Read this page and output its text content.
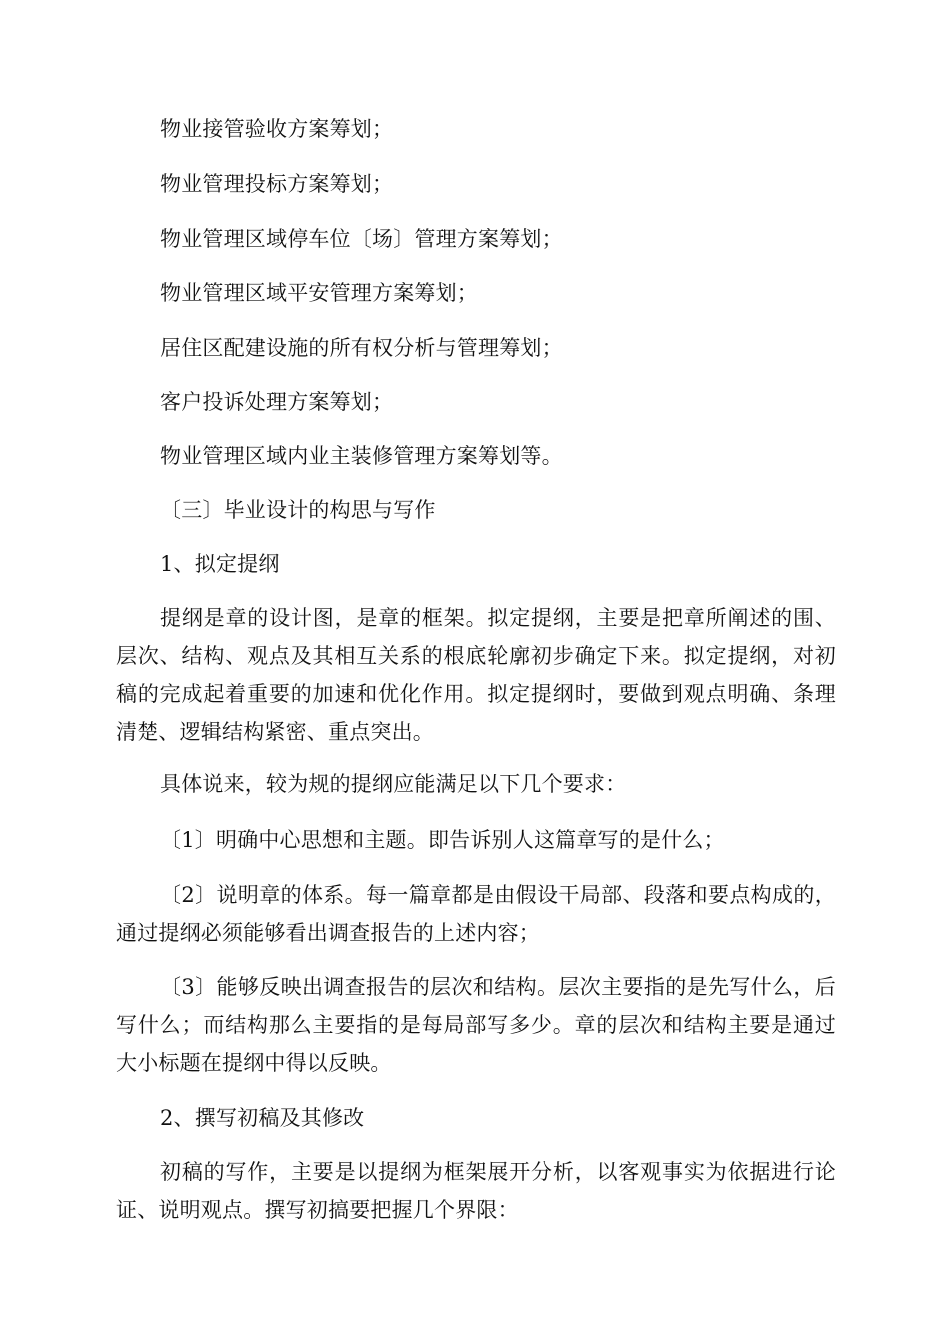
物业接管验收方案筹划；

物业管理投标方案筹划；

物业管理区域停车位〔场〕管理方案筹划；

物业管理区域平安管理方案筹划；

居住区配建设施的所有权分析与管理筹划；

客户投诉处理方案筹划；

物业管理区域内业主装修管理方案筹划等。

〔三〕毕业设计的构思与写作

1、拟定提纲

提纲是章的设计图，是章的框架。拟定提纲，主要是把章所阐述的围、层次、结构、观点及其相互关系的根底轮廓初步确定下来。拟定提纲，对初稿的完成起着重要的加速和优化作用。拟定提纲时，要做到观点明确、条理清楚、逻辑结构紧密、重点突出。

具体说来，较为规的提纲应能满足以下几个要求：

〔1〕明确中心思想和主题。即告诉别人这篇章写的是什么；

〔2〕说明章的体系。每一篇章都是由假设干局部、段落和要点构成的，通过提纲必须能够看出调查报告的上述内容；

〔3〕能够反映出调查报告的层次和结构。层次主要指的是先写什么，后写什么；而结构那么主要指的是每局部写多少。章的层次和结构主要是通过大小标题在提纲中得以反映。

2、撰写初稿及其修改

初稿的写作，主要是以提纲为框架展开分析，以客观事实为依据进行论证、说明观点。撰写初搞要把握几个界限：
